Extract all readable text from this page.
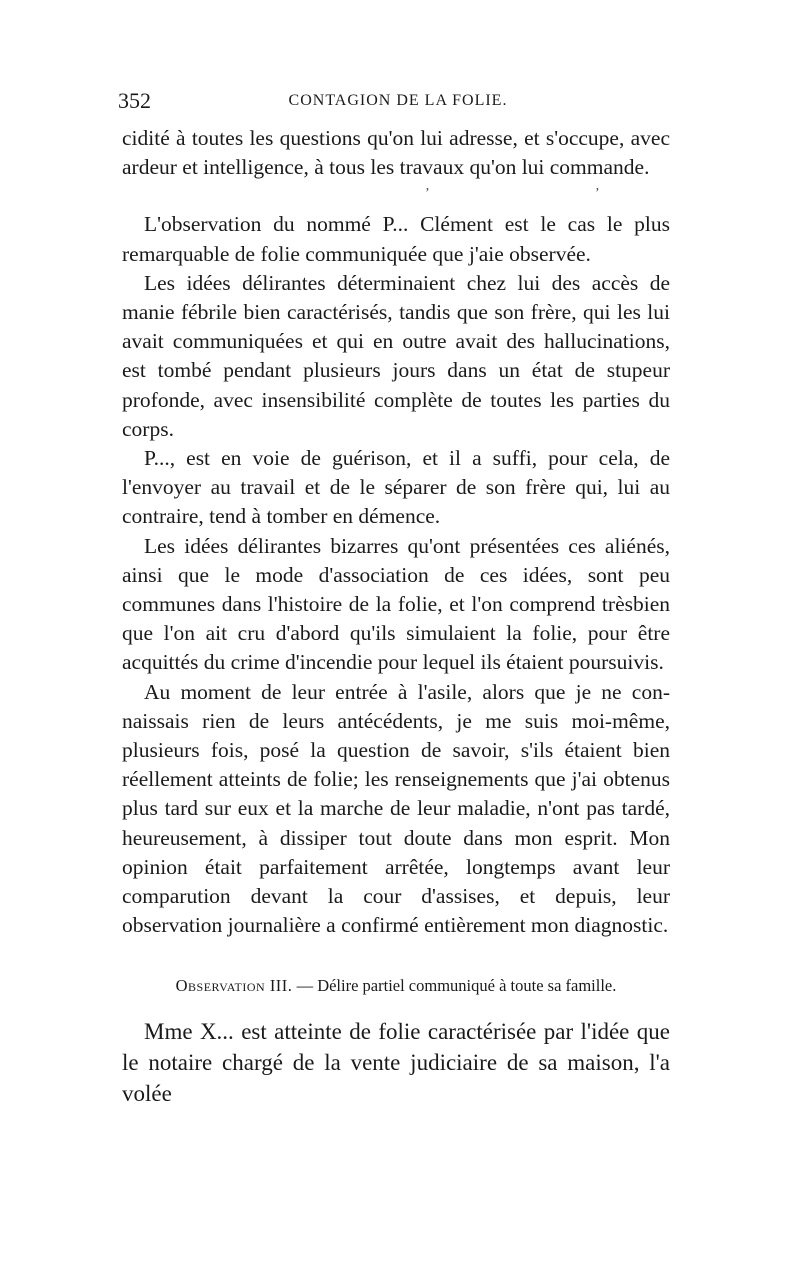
352	CONTAGION DE LA FOLIE.

cidité à toutes les questions qu'on lui adresse, et s'occupe, avec ardeur et intelligence, à tous les travaux qu'on lui commande.

ʼ	ʼ

L'observation du nommé P... Clément est le cas le plus remarquable de folie communiquée que j'aie observée.

Les idées délirantes déterminaient chez lui des accès de manie fébrile bien caractérisés, tandis que son frère, qui les lui avait communiquées et qui en outre avait des hallucinations, est tombé pendant plusieurs jours dans un état de stupeur profonde, avec insensibilité complète de toutes les parties du corps.

P..., est en voie de guérison, et il a suffi, pour cela, de l'envoyer au travail et de le séparer de son frère qui, lui au contraire, tend à tomber en démence.

Les idées délirantes bizarres qu'ont présentées ces aliénés, ainsi que le mode d'association de ces idées, sont peu communes dans l'histoire de la folie, et l'on comprend trèsbien que l'on ait cru d'abord qu'ils simulaient la folie, pour être acquittés du crime d'incendie pour lequel ils étaient poursuivis.

Au moment de leur entrée à l'asile, alors que je ne connaissais rien de leurs antécédents, je me suis moi-même, plusieurs fois, posé la question de savoir, s'ils étaient bien réellement atteints de folie; les renseignements que j'ai obtenus plus tard sur eux et la marche de leur maladie, n'ont pas tardé, heureusement, à dissiper tout doute dans mon esprit. Mon opinion était parfaitement arrêtée, longtemps avant leur comparution devant la cour d'assises, et depuis, leur observation journalière a confirmé entièrement mon diagnostic.

Observation III. — Délire partiel communiqué à toute sa famille.

Mme X... est atteinte de folie caractérisée par l'idée que le notaire chargé de la vente judiciaire de sa maison, l'a volée
